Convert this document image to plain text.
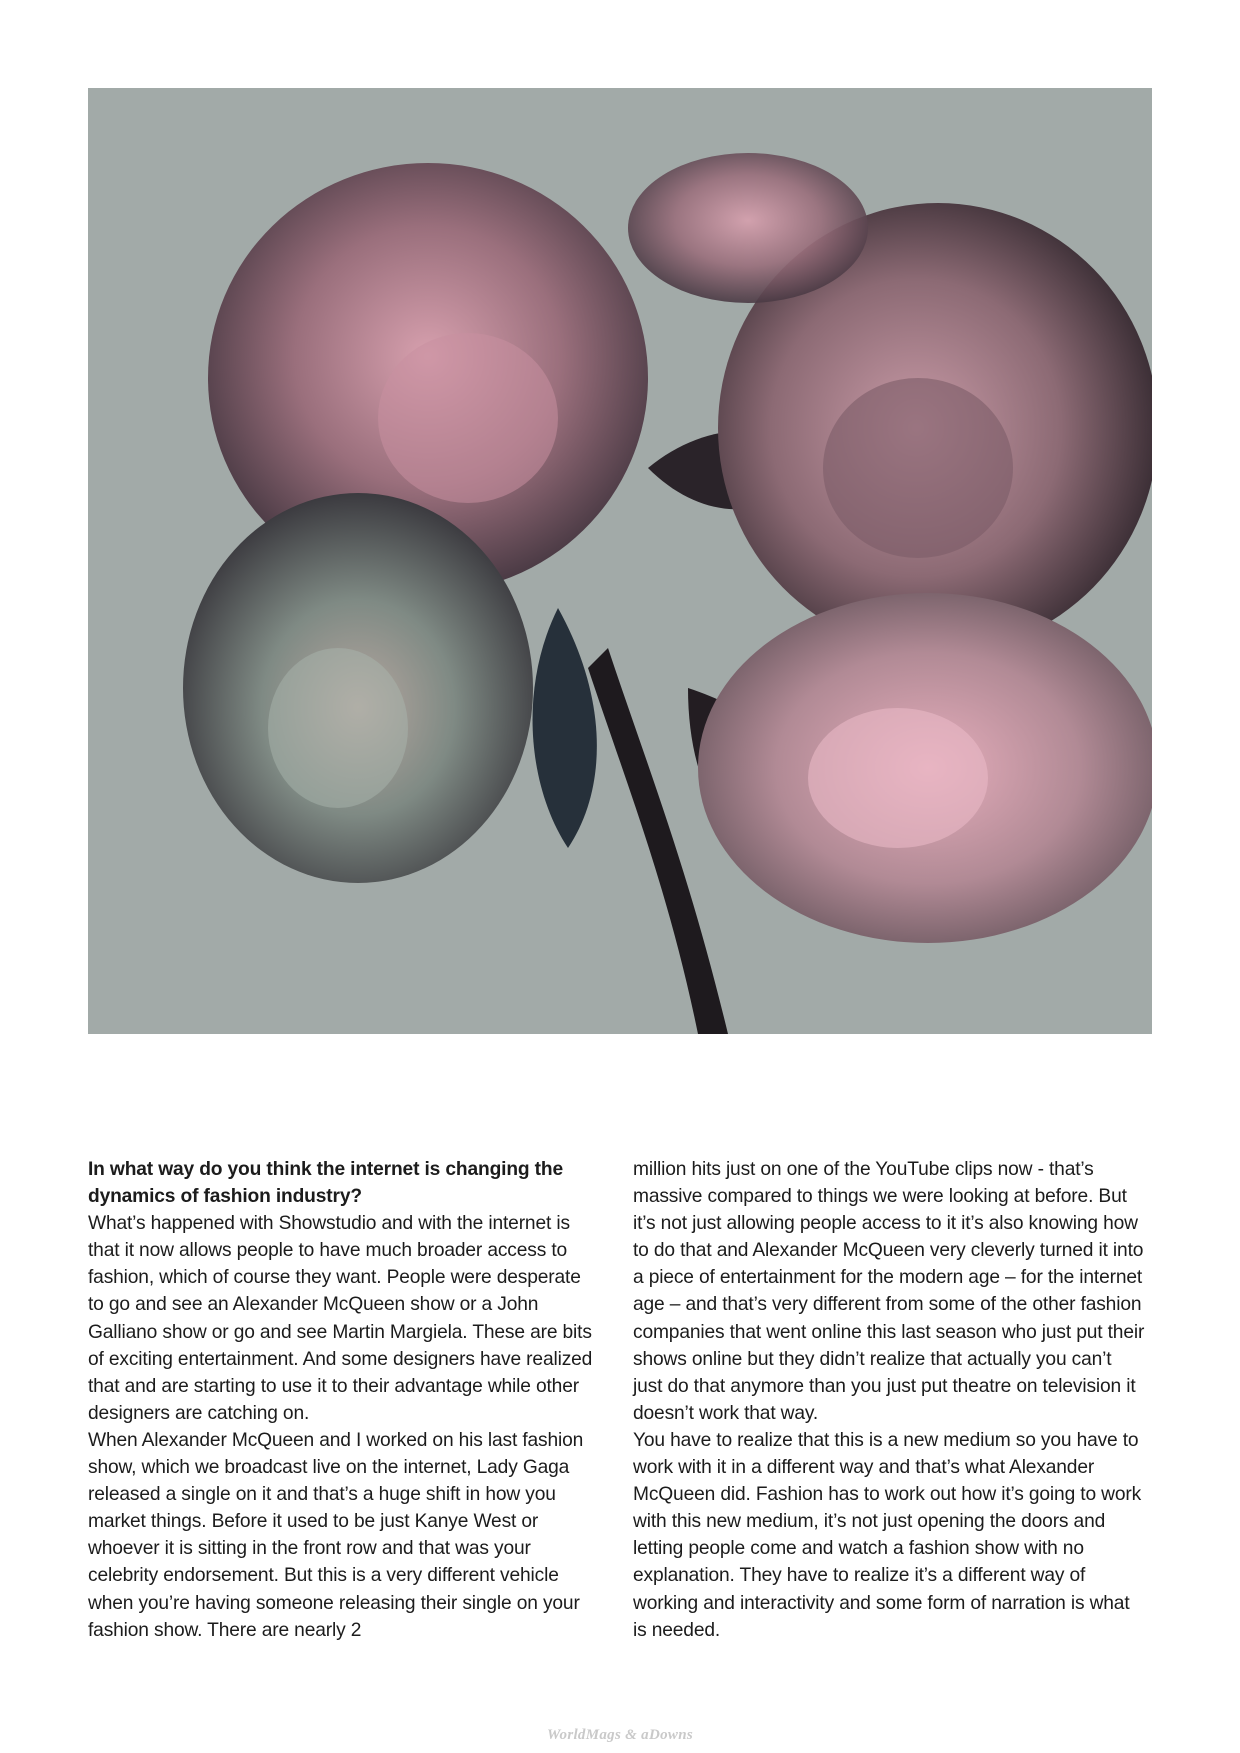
In what way do you think the internet is changing the dynamics of fashion industry?

What’s happened with Showstudio and with the internet is that it now allows people to have much broader access to fashion, which of course they want. People were desperate to go and see an Alexander McQueen show or a John Galliano show or go and see Martin Margiela. These are bits of exciting entertainment. And some designers have realized that and are starting to use it to their advantage while other designers are catching on.

When Alexander McQueen and I worked on his last fashion show, which we broadcast live on the internet, Lady Gaga released a single on it and that’s a huge shift in how you market things. Before it used to be just Kanye West or whoever it is sitting in the front row and that was your celebrity endorsement. But this is a very different vehicle when you’re having someone releasing their single on your fashion show. There are nearly 2

million hits just on one of the YouTube clips now - that’s massive compared to things we were looking at before. But it’s not just allowing people access to it it’s also knowing how to do that and Alexander McQueen very cleverly turned it into a piece of entertainment for the modern age – for the internet age – and that’s very different from some of the other fashion companies that went online this last season who just put their shows online but they didn’t realize that actually you can’t just do that anymore than you just put theatre on television it doesn’t work that way.

You have to realize that this is a new medium so you have to work with it in a different way and that’s what Alexander McQueen did. Fashion has to work out how it’s going to work with this new medium, it’s not just opening the doors and letting people come and watch a fashion show with no explanation. They have to realize it’s a different way of working and interactivity and some form of narration is what is needed.

WorldMags & aDowns
